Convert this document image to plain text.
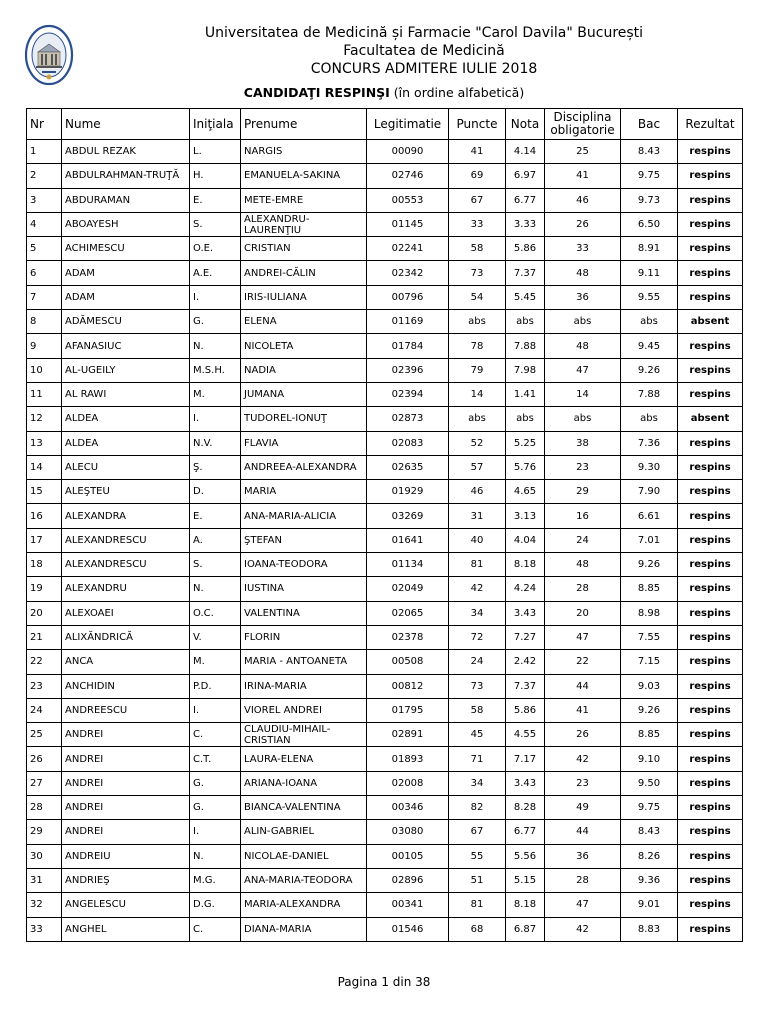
Universitatea de Medicină și Farmacie "Carol Davila" București
Facultatea de Medicină
CONCURS ADMITERE IULIE 2018
CANDIDAŢI RESPINŞI (în ordine alfabetică)
Nr	Nume	Iniţiala	Prenume	Legitimatie	Puncte	Nota	Disciplina obligatorie	Bac	Rezultat
1	ABDUL REZAK	L.	NARGIS	00090	41	4.14	25	8.43	respins
2	ABDULRAHMAN-TRUŢĂ	H.	EMANUELA-SAKINA	02746	69	6.97	41	9.75	respins
3	ABDURAMAN	E.	METE-EMRE	00553	67	6.77	46	9.73	respins
4	ABOAYESH	S.	ALEXANDRU-LAURENŢIU	01145	33	3.33	26	6.50	respins
5	ACHIMESCU	O.E.	CRISTIAN	02241	58	5.86	33	8.91	respins
6	ADAM	A.E.	ANDREI-CĂLIN	02342	73	7.37	48	9.11	respins
7	ADAM	I.	IRIS-IULIANA	00796	54	5.45	36	9.55	respins
8	ADĂMESCU	G.	ELENA	01169	abs	abs	abs	abs	absent
9	AFANASIUC	N.	NICOLETA	01784	78	7.88	48	9.45	respins
10	AL-UGEILY	M.S.H.	NADIA	02396	79	7.98	47	9.26	respins
11	AL RAWI	M.	JUMANA	02394	14	1.41	14	7.88	respins
12	ALDEA	I.	TUDOREL-IONUŢ	02873	abs	abs	abs	abs	absent
13	ALDEA	N.V.	FLAVIA	02083	52	5.25	38	7.36	respins
14	ALECU	Ş.	ANDREEA-ALEXANDRA	02635	57	5.76	23	9.30	respins
15	ALEŞTEU	D.	MARIA	01929	46	4.65	29	7.90	respins
16	ALEXANDRA	E.	ANA-MARIA-ALICIA	03269	31	3.13	16	6.61	respins
17	ALEXANDRESCU	A.	ŞTEFAN	01641	40	4.04	24	7.01	respins
18	ALEXANDRESCU	S.	IOANA-TEODORA	01134	81	8.18	48	9.26	respins
19	ALEXANDRU	N.	IUSTINA	02049	42	4.24	28	8.85	respins
20	ALEXOAEI	O.C.	VALENTINA	02065	34	3.43	20	8.98	respins
21	ALIXĂNDRICĂ	V.	FLORIN	02378	72	7.27	47	7.55	respins
22	ANCA	M.	MARIA - ANTOANETA	00508	24	2.42	22	7.15	respins
23	ANCHIDIN	P.D.	IRINA-MARIA	00812	73	7.37	44	9.03	respins
24	ANDREESCU	I.	VIOREL ANDREI	01795	58	5.86	41	9.26	respins
25	ANDREI	C.	CLAUDIU-MIHAIL-CRISTIAN	02891	45	4.55	26	8.85	respins
26	ANDREI	C.T.	LAURA-ELENA	01893	71	7.17	42	9.10	respins
27	ANDREI	G.	ARIANA-IOANA	02008	34	3.43	23	9.50	respins
28	ANDREI	G.	BIANCA-VALENTINA	00346	82	8.28	49	9.75	respins
29	ANDREI	I.	ALIN-GABRIEL	03080	67	6.77	44	8.43	respins
30	ANDREIU	N.	NICOLAE-DANIEL	00105	55	5.56	36	8.26	respins
31	ANDRIEŞ	M.G.	ANA-MARIA-TEODORA	02896	51	5.15	28	9.36	respins
32	ANGELESCU	D.G.	MARIA-ALEXANDRA	00341	81	8.18	47	9.01	respins
33	ANGHEL	C.	DIANA-MARIA	01546	68	6.87	42	8.83	respins
Pagina 1 din 38
